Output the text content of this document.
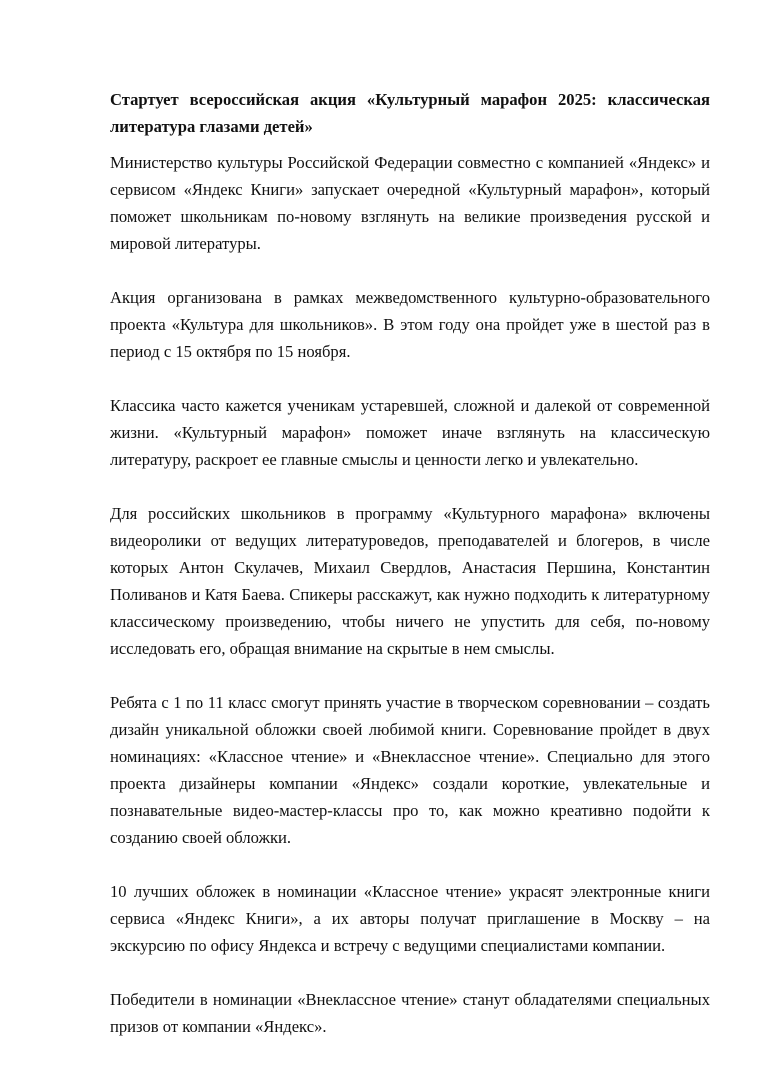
Стартует всероссийская акция «Культурный марафон 2025: классическая литература глазами детей»

Министерство культуры Российской Федерации совместно с компанией «Яндекс» и сервисом «Яндекс Книги» запускает очередной «Культурный марафон», который поможет школьникам по-новому взглянуть на великие произведения русской и мировой литературы.

Акция организована в рамках межведомственного культурно-образовательного проекта «Культура для школьников». В этом году она пройдет уже в шестой раз в период с 15 октября по 15 ноября.

Классика часто кажется ученикам устаревшей, сложной и далекой от современной жизни. «Культурный марафон» поможет иначе взглянуть на классическую литературу, раскроет ее главные смыслы и ценности легко и увлекательно.

Для российских школьников в программу «Культурного марафона» включены видеоролики от ведущих литературоведов, преподавателей и блогеров, в числе которых Антон Скулачев, Михаил Свердлов, Анастасия Першина, Константин Поливанов и Катя Баева. Спикеры расскажут, как нужно подходить к литературному классическому произведению, чтобы ничего не упустить для себя, по-новому исследовать его, обращая внимание на скрытые в нем смыслы.

Ребята с 1 по 11 класс смогут принять участие в творческом соревновании – создать дизайн уникальной обложки своей любимой книги. Соревнование пройдет в двух номинациях: «Классное чтение» и «Внеклассное чтение». Специально для этого проекта дизайнеры компании «Яндекс» создали короткие, увлекательные и познавательные видео-мастер-классы про то, как можно креативно подойти к созданию своей обложки.

10 лучших обложек в номинации «Классное чтение» украсят электронные книги сервиса «Яндекс Книги», а их авторы получат приглашение в Москву – на экскурсию по офису Яндекса и встречу с ведущими специалистами компании.

Победители в номинации «Внеклассное чтение» станут обладателями специальных призов от компании «Яндекс».
